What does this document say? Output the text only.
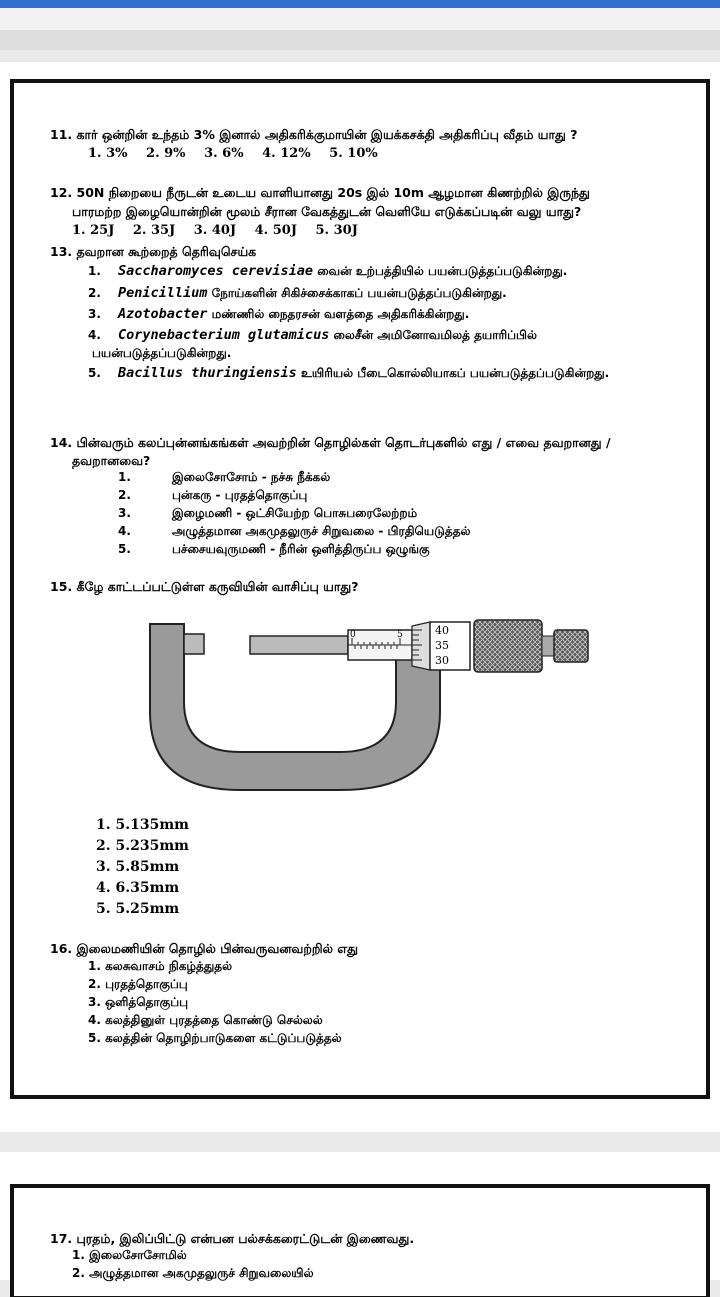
11. கார் ஒன்றின் உந்தம் 3% இனால் அதிகரிக்குமாயின் இயக்கசக்தி அதிகரிப்பு வீதம் யாது ?
1. 3% 2. 9% 3. 6% 4. 12% 5. 10%
12. 50N நிறையை நீருடன் உடைய வாளியானது 20s இல் 10m ஆழமான கிணற்றில் இருந்து
பாரமற்ற இழையொன்றின் மூலம் சீரான வேகத்துடன் வெளியே எடுக்கப்படின் வலு யாது?
1. 25J 2. 35J 3. 40J 4. 50J 5. 30J
13. தவறான கூற்றைத் தெரிவுசெய்க
1. Saccharomyces cerevisiae வைன் உற்பத்தியில் பயன்படுத்தப்படுகின்றது.
2. Penicillium நோய்களின் சிகிச்சைக்காகப் பயன்படுத்தப்படுகின்றது.
3. Azotobacter மண்ணில் நைதரசன் வளத்தை அதிகரிக்கின்றது.
4. Corynebacterium glutamicus லைசீன் அமினோவமிலத் தயாரிப்பில்
பயன்படுத்தப்படுகின்றது.
5. Bacillus thuringiensis உயிரியல் பீடைகொல்லியாகப் பயன்படுத்தப்படுகின்றது.
14. பின்வரும் கலப்புன்னங்கங்கள் அவற்றின் தொழில்கள் தொடர்புகளில் எது / எவை தவறானது /
தவறானவை?
1.	இலைசோசோம் - நச்சு நீக்கல்
2.	புன்கரு - புரதத்தொகுப்பு
3.	இழைமணி - ஒட்சியேற்ற பொசுபரைலேற்றம்
4.	அழுத்தமான அகமுதலுருச் சிறுவலை - பிரதியெடுத்தல்
5.	பச்சையவுருமணி - நீரின் ஒளித்திருப்ப ஒழுங்கு
15. கீழே காட்டப்பட்டுள்ள கருவியின் வாசிப்பு யாது?
0	5	40
35
30
1. 5.135mm
2. 5.235mm
3. 5.85mm
4. 6.35mm
5. 5.25mm
16. இலைமணியின் தொழில் பின்வருவனவற்றில் எது
1. கலசுவாசம் நிகழ்த்துதல்
2. புரதத்தொகுப்பு
3. ஒளித்தொகுப்பு
4. கலத்தினுள் புரதத்தை கொண்டு செல்லல்
5. கலத்தின் தொழிற்பாடுகளை கட்டுப்படுத்தல்
17. புரதம், இலிப்பிட்டு என்பன பல்சக்கரைட்டுடன் இணைவது.
1. இலைசோசோமில்
2. அழுத்தமான அகமுதலுருச் சிறுவலையில்
